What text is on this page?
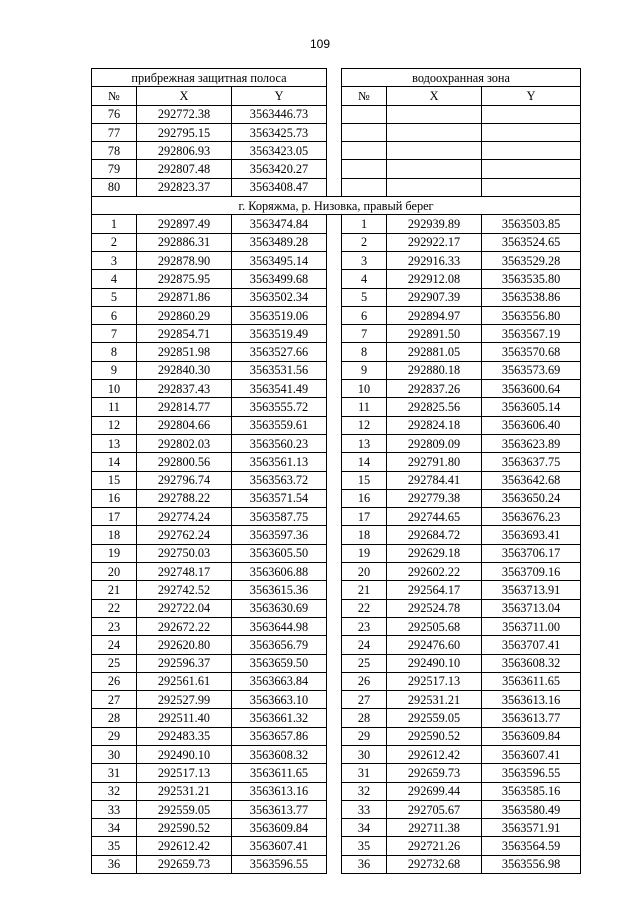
109
прибрежная защитная полоса				водоохранная зона		
№	X	Y		№	X	Y
76	292772.38	3563446.73				
77	292795.15	3563425.73				
78	292806.93	3563423.05				
79	292807.48	3563420.27				
80	292823.37	3563408.47				
г. Коряжма, р. Низовка, правый берег						
1	292897.49	3563474.84		1	292939.89	3563503.85
2	292886.31	3563489.28		2	292922.17	3563524.65
3	292878.90	3563495.14		3	292916.33	3563529.28
4	292875.95	3563499.68		4	292912.08	3563535.80
5	292871.86	3563502.34		5	292907.39	3563538.86
6	292860.29	3563519.06		6	292894.97	3563556.80
7	292854.71	3563519.49		7	292891.50	3563567.19
8	292851.98	3563527.66		8	292881.05	3563570.68
9	292840.30	3563531.56		9	292880.18	3563573.69
10	292837.43	3563541.49		10	292837.26	3563600.64
11	292814.77	3563555.72		11	292825.56	3563605.14
12	292804.66	3563559.61		12	292824.18	3563606.40
13	292802.03	3563560.23		13	292809.09	3563623.89
14	292800.56	3563561.13		14	292791.80	3563637.75
15	292796.74	3563563.72		15	292784.41	3563642.68
16	292788.22	3563571.54		16	292779.38	3563650.24
17	292774.24	3563587.75		17	292744.65	3563676.23
18	292762.24	3563597.36		18	292684.72	3563693.41
19	292750.03	3563605.50		19	292629.18	3563706.17
20	292748.17	3563606.88		20	292602.22	3563709.16
21	292742.52	3563615.36		21	292564.17	3563713.91
22	292722.04	3563630.69		22	292524.78	3563713.04
23	292672.22	3563644.98		23	292505.68	3563711.00
24	292620.80	3563656.79		24	292476.60	3563707.41
25	292596.37	3563659.50		25	292490.10	3563608.32
26	292561.61	3563663.84		26	292517.13	3563611.65
27	292527.99	3563663.10		27	292531.21	3563613.16
28	292511.40	3563661.32		28	292559.05	3563613.77
29	292483.35	3563657.86		29	292590.52	3563609.84
30	292490.10	3563608.32		30	292612.42	3563607.41
31	292517.13	3563611.65		31	292659.73	3563596.55
32	292531.21	3563613.16		32	292699.44	3563585.16
33	292559.05	3563613.77		33	292705.67	3563580.49
34	292590.52	3563609.84		34	292711.38	3563571.91
35	292612.42	3563607.41		35	292721.26	3563564.59
36	292659.73	3563596.55		36	292732.68	3563556.98
